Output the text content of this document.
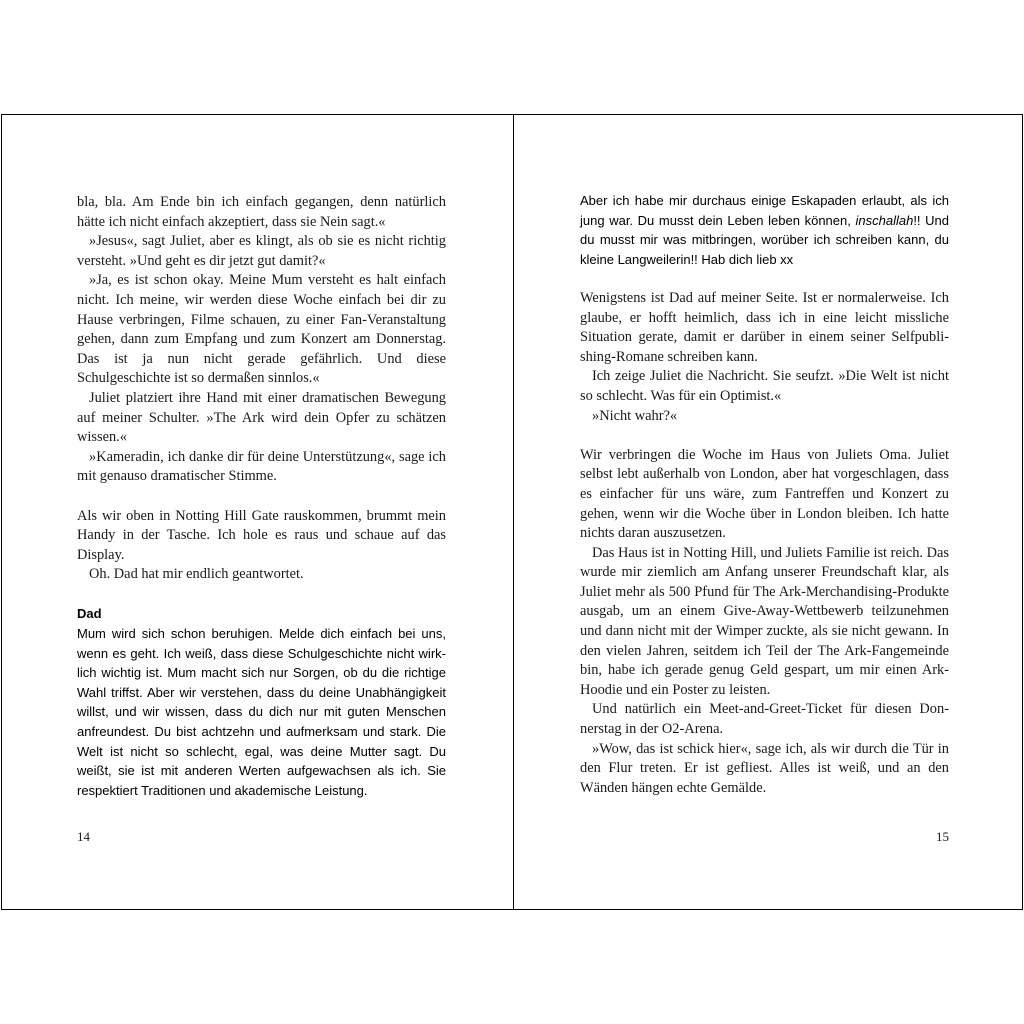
bla, bla. Am Ende bin ich einfach gegangen, denn natürlich hätte ich nicht einfach akzeptiert, dass sie Nein sagt.«

»Jesus«, sagt Juliet, aber es klingt, als ob sie es nicht richtig versteht. »Und geht es dir jetzt gut damit?«

»Ja, es ist schon okay. Meine Mum versteht es halt einfach nicht. Ich meine, wir werden diese Woche einfach bei dir zu Hause verbringen, Filme schauen, zu einer Fan-Veranstaltung gehen, dann zum Empfang und zum Konzert am Donnerstag. Das ist ja nun nicht gerade gefährlich. Und diese Schulgeschichte ist so dermaßen sinnlos.«

Juliet platziert ihre Hand mit einer dramatischen Bewegung auf meiner Schulter. »The Ark wird dein Opfer zu schätzen wissen.«

»Kameradin, ich danke dir für deine Unterstützung«, sage ich mit genauso dramatischer Stimme.

Als wir oben in Notting Hill Gate rauskommen, brummt mein Handy in der Tasche. Ich hole es raus und schaue auf das Display.

Oh. Dad hat mir endlich geantwortet.

Dad

Mum wird sich schon beruhigen. Melde dich einfach bei uns, wenn es geht. Ich weiß, dass diese Schulgeschichte nicht wirklich wichtig ist. Mum macht sich nur Sorgen, ob du die richtige Wahl triffst. Aber wir verstehen, dass du deine Unabhängigkeit willst, und wir wissen, dass du dich nur mit guten Menschen anfreundest. Du bist achtzehn und aufmerksam und stark. Die Welt ist nicht so schlecht, egal, was deine Mutter sagt. Du weißt, sie ist mit anderen Werten aufgewachsen als ich. Sie respektiert Traditionen und akademische Leistung.

14

Aber ich habe mir durchaus einige Eskapaden erlaubt, als ich jung war. Du musst dein Leben leben können, inschallah!! Und du musst mir was mitbringen, worüber ich schreiben kann, du kleine Langweilerin!! Hab dich lieb xx

Wenigstens ist Dad auf meiner Seite. Ist er normalerweise. Ich glaube, er hofft heimlich, dass ich in eine leicht missliche Situation gerate, damit er darüber in einem seiner Selfpublishing-Romane schreiben kann.

Ich zeige Juliet die Nachricht. Sie seufzt. »Die Welt ist nicht so schlecht. Was für ein Optimist.«

»Nicht wahr?«

Wir verbringen die Woche im Haus von Juliets Oma. Juliet selbst lebt außerhalb von London, aber hat vorgeschlagen, dass es einfacher für uns wäre, zum Fantreffen und Konzert zu gehen, wenn wir die Woche über in London bleiben. Ich hatte nichts daran auszusetzen.

Das Haus ist in Notting Hill, und Juliets Familie ist reich. Das wurde mir ziemlich am Anfang unserer Freundschaft klar, als Juliet mehr als 500 Pfund für The Ark-Merchandising-Produkte ausgab, um an einem Give-Away-Wettbewerb teilzunehmen und dann nicht mit der Wimper zuckte, als sie nicht gewann. In den vielen Jahren, seitdem ich Teil der The Ark-Fangemeinde bin, habe ich gerade genug Geld gespart, um mir einen Ark-Hoodie und ein Poster zu leisten.

Und natürlich ein Meet-and-Greet-Ticket für diesen Donnerstag in der O2-Arena.

»Wow, das ist schick hier«, sage ich, als wir durch die Tür in den Flur treten. Er ist gefliest. Alles ist weiß, und an den Wänden hängen echte Gemälde.

15
